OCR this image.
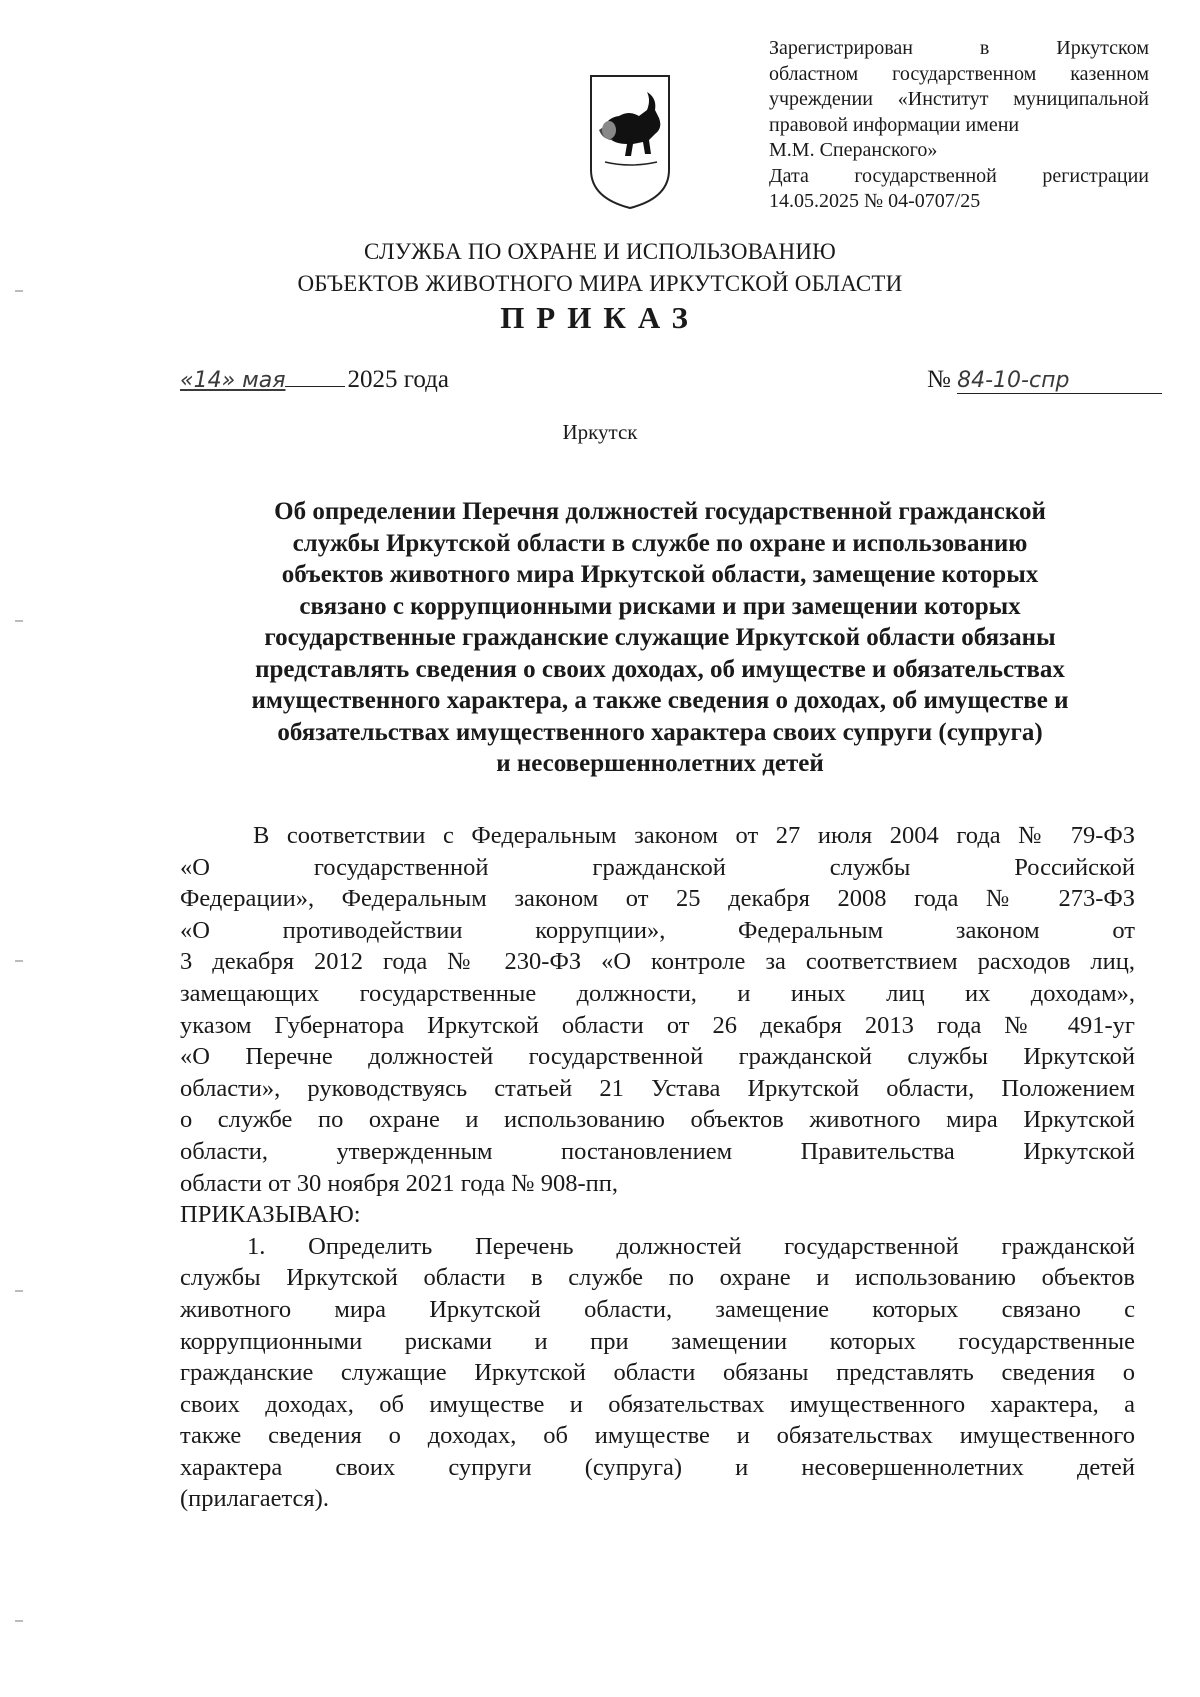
Зарегистрирован в Иркутском
областном государственном казенном
учреждении «Институт муниципальной
правовой информации имени
М.М. Сперанского»
Дата государственной регистрации
14.05.2025 № 04-0707/25
СЛУЖБА ПО ОХРАНЕ И ИСПОЛЬЗОВАНИЮ
ОБЪЕКТОВ ЖИВОТНОГО МИРА ИРКУТСКОЙ ОБЛАСТИ
ПРИКАЗ
«14» мая 2025 года	№ 84-10-спр
Иркутск
Об определении Перечня должностей государственной гражданской
службы Иркутской области в службе по охране и использованию
объектов животного мира Иркутской области, замещение которых
связано с коррупционными рисками и при замещении которых
государственные гражданские служащие Иркутской области обязаны
представлять сведения о своих доходах, об имуществе и обязательствах
имущественного характера, а также сведения о доходах, об имуществе и
обязательствах имущественного характера своих супруги (супруга)
и несовершеннолетних детей
В соответствии с Федеральным законом от 27 июля 2004 года № 79-ФЗ
«О государственной гражданской службы Российской
Федерации», Федеральным законом от 25 декабря 2008 года № 273-ФЗ
«О противодействии коррупции», Федеральным законом от
3 декабря 2012 года № 230-ФЗ «О контроле за соответствием расходов лиц,
замещающих государственные должности, и иных лиц их доходам»,
указом Губернатора Иркутской области от 26 декабря 2013 года № 491-уг
«О Перечне должностей государственной гражданской службы Иркутской
области», руководствуясь статьей 21 Устава Иркутской области, Положением
о службе по охране и использованию объектов животного мира Иркутской
области, утвержденным постановлением Правительства Иркутской
области от 30 ноября 2021 года № 908-пп,
ПРИКАЗЫВАЮ:
1. Определить Перечень должностей государственной гражданской
службы Иркутской области в службе по охране и использованию объектов
животного мира Иркутской области, замещение которых связано с
коррупционными рисками и при замещении которых государственные
гражданские служащие Иркутской области обязаны представлять сведения о
своих доходах, об имуществе и обязательствах имущественного характера, а
также сведения о доходах, об имуществе и обязательствах имущественного
характера своих супруги (супруга) и несовершеннолетних детей
(прилагается).
